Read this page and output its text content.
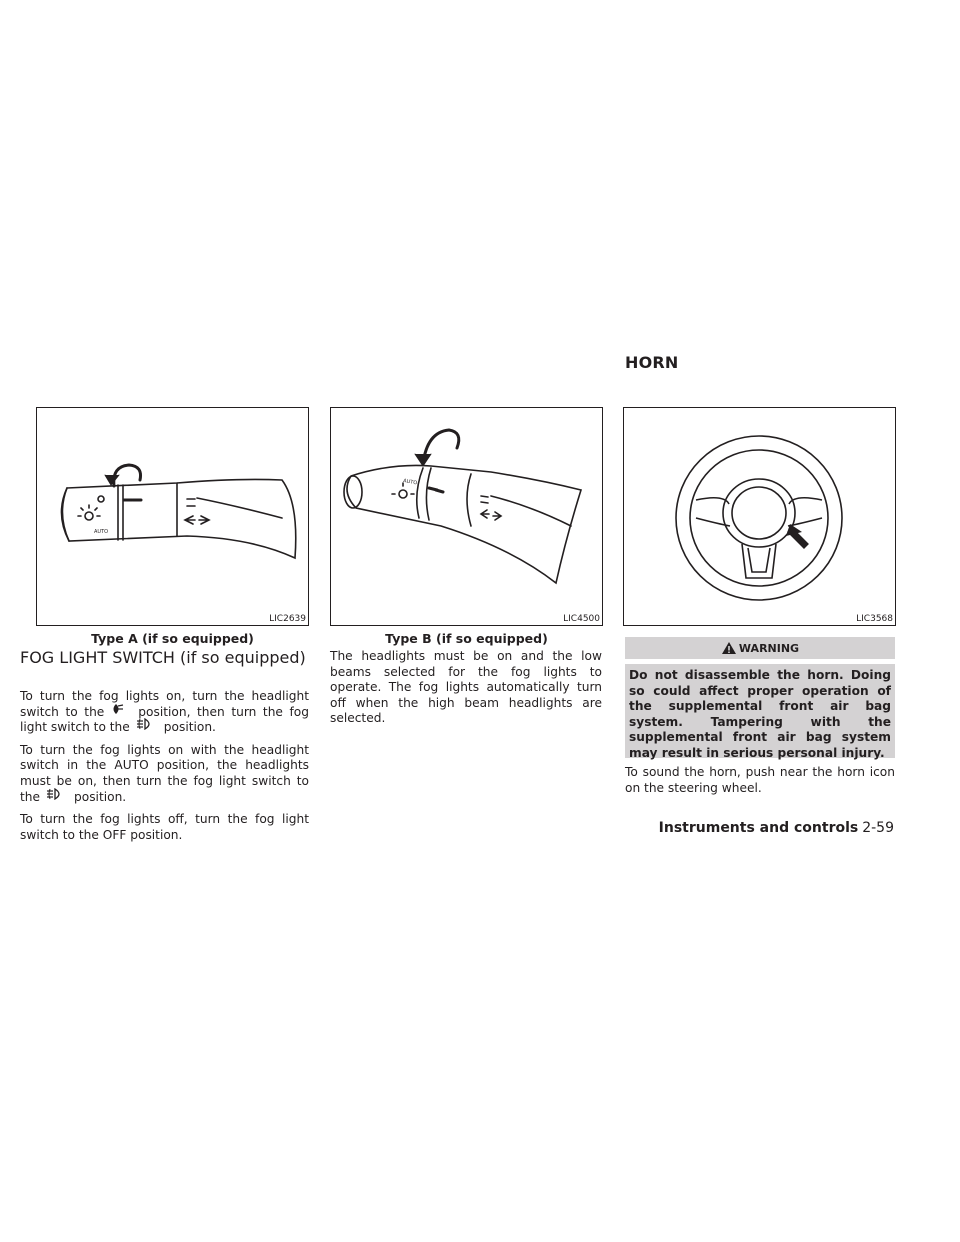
HORN
AUTO
LIC2639
Type A (if so equipped)
AUTO
LIC4500
Type B (if so equipped)
LIC3568
FOG LIGHT SWITCH (if so equipped)

To turn the fog lights on, turn the headlight switch to the	position, then turn the fog light switch to the	position.

To turn the fog lights on with the headlight switch in the AUTO position, the headlights must be on, then turn the fog light switch to the	position.

To turn the fog lights off, turn the fog light switch to the OFF position.

The headlights must be on and the low beams selected for the fog lights to operate. The fog lights automatically turn off when the high beam headlights are selected.

WARNING
Do not disassemble the horn. Doing so could affect proper operation of the supplemental front air bag system. Tampering with the supplemental front air bag system may result in serious personal injury.

To sound the horn, push near the horn icon on the steering wheel.

Instruments and controls 2-59
